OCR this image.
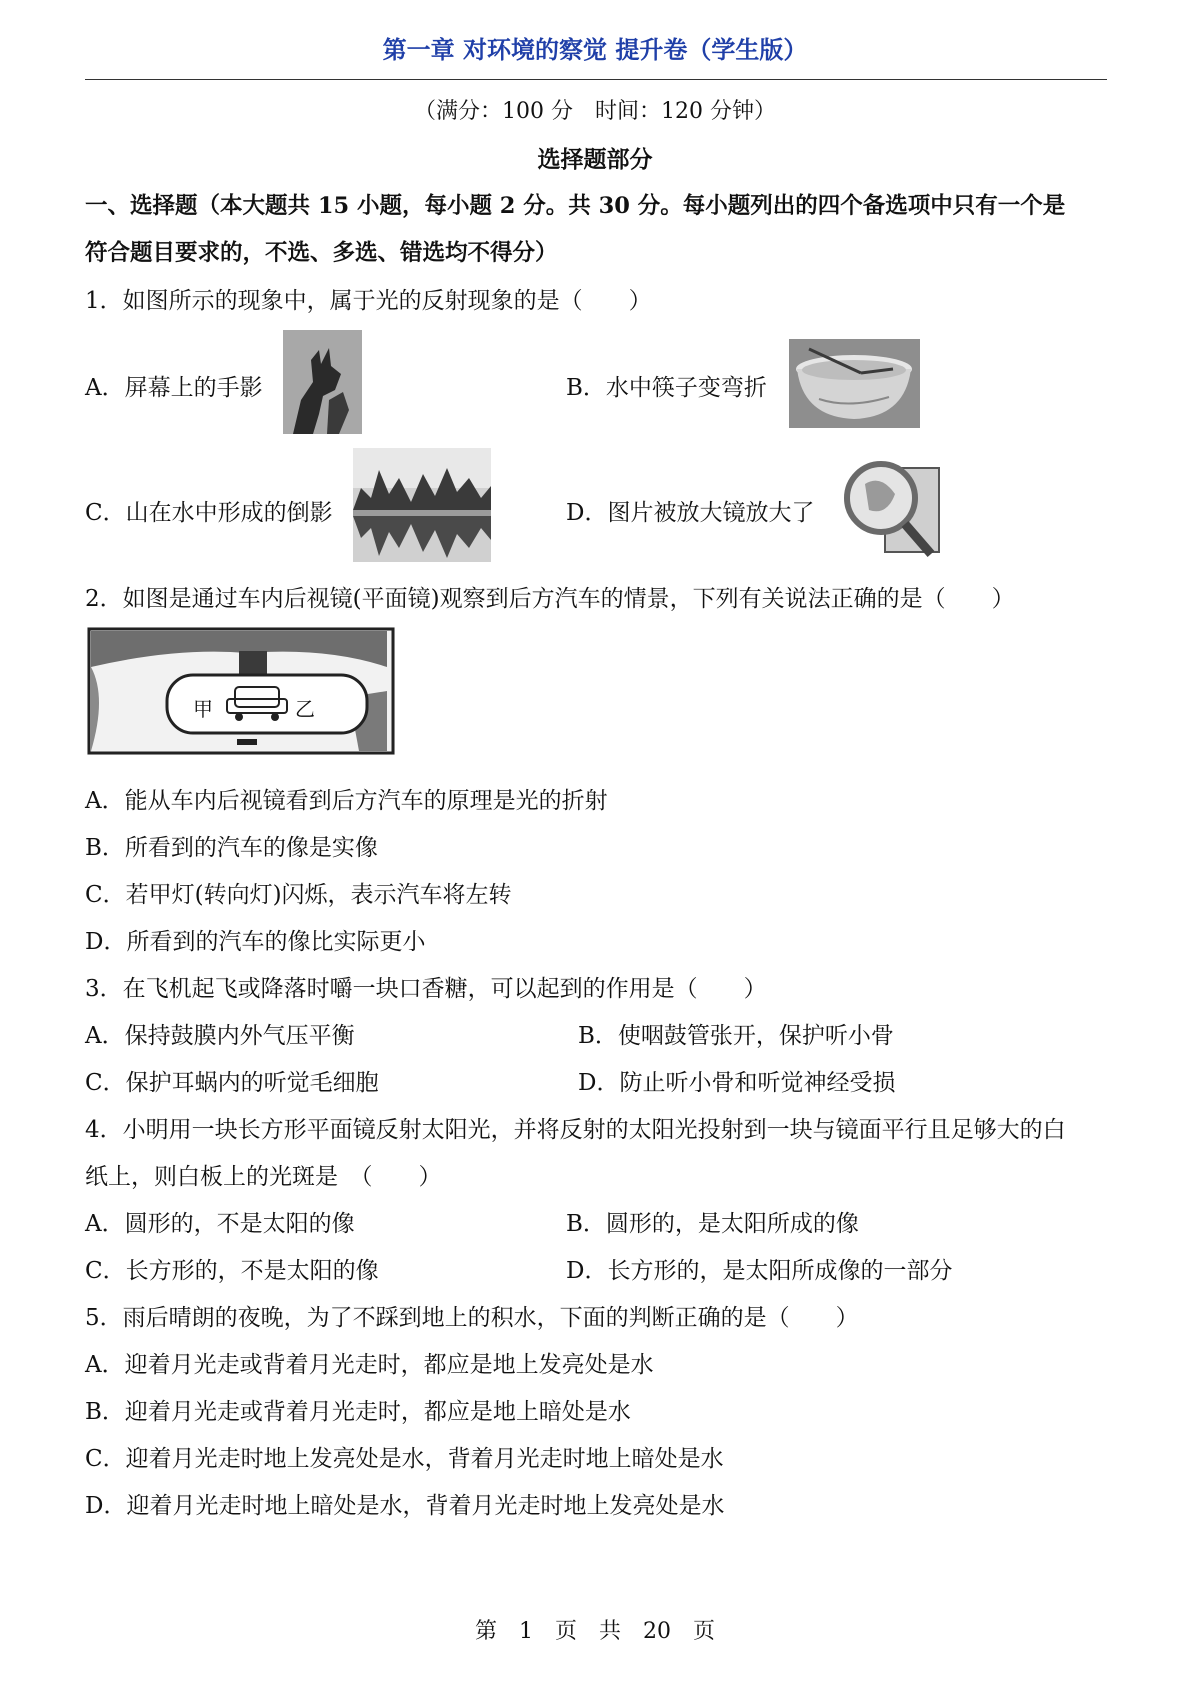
第一章 对环境的察觉 提升卷（学生版）
（满分：100 分　时间：120 分钟）
选择题部分
一、选择题（本大题共 15 小题，每小题 2 分。共 30 分。每小题列出的四个备选项中只有一个是
符合题目要求的，不选、多选、错选均不得分）
1．如图所示的现象中，属于光的反射现象的是（　　）
A．屏幕上的手影	B．水中筷子变弯折
C．山在水中形成的倒影	D．图片被放大镜放大了
2．如图是通过车内后视镜(平面镜)观察到后方汽车的情景，下列有关说法正确的是（　　）
甲	乙
A．能从车内后视镜看到后方汽车的原理是光的折射
B．所看到的汽车的像是实像
C．若甲灯(转向灯)闪烁，表示汽车将左转
D．所看到的汽车的像比实际更小
3．在飞机起飞或降落时嚼一块口香糖，可以起到的作用是（　　）
A．保持鼓膜内外气压平衡	B．使咽鼓管张开，保护听小骨
C．保护耳蜗内的听觉毛细胞	D．防止听小骨和听觉神经受损
4．小明用一块长方形平面镜反射太阳光，并将反射的太阳光投射到一块与镜面平行且足够大的白
纸上，则白板上的光斑是　（　　）
A．圆形的，不是太阳的像	B．圆形的，是太阳所成的像
C．长方形的，不是太阳的像	D．长方形的，是太阳所成像的一部分
5．雨后晴朗的夜晚，为了不踩到地上的积水，下面的判断正确的是（　　）
A．迎着月光走或背着月光走时，都应是地上发亮处是水
B．迎着月光走或背着月光走时，都应是地上暗处是水
C．迎着月光走时地上发亮处是水，背着月光走时地上暗处是水
D．迎着月光走时地上暗处是水，背着月光走时地上发亮处是水
第　1　页　共　20　页
